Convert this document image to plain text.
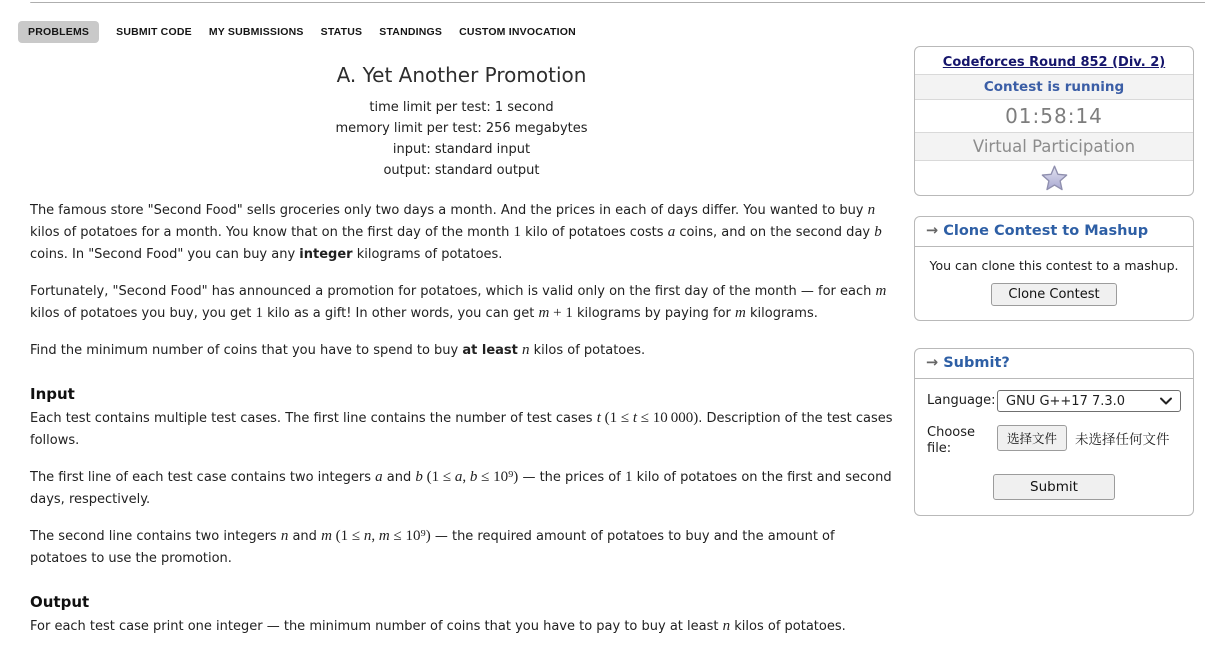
PROBLEMS	SUBMIT CODE MY SUBMISSIONS STATUS STANDINGS CUSTOM INVOCATION
A. Yet Another Promotion
time limit per test: 1 second
memory limit per test: 256 megabytes
input: standard input
output: standard output

The famous store "Second Food" sells groceries only two days a month. And the prices in each of days differ. You wanted to buy n kilos of potatoes for a month. You know that on the first day of the month 1 kilo of potatoes costs a coins, and on the second day b coins. In "Second Food" you can buy any integer kilograms of potatoes.

Fortunately, "Second Food" has announced a promotion for potatoes, which is valid only on the first day of the month — for each m kilos of potatoes you buy, you get 1 kilo as a gift! In other words, you can get m + 1 kilograms by paying for m kilograms.

Find the minimum number of coins that you have to spend to buy at least n kilos of potatoes.

Input

Each test contains multiple test cases. The first line contains the number of test cases t (1 ≤ t ≤ 10 000). Description of the test cases follows.

The first line of each test case contains two integers a and b (1 ≤ a, b ≤ 10⁹) — the prices of 1 kilo of potatoes on the first and second days, respectively.

The second line contains two integers n and m (1 ≤ n, m ≤ 10⁹) — the required amount of potatoes to buy and the amount of potatoes to use the promotion.

Output

For each test case print one integer — the minimum number of coins that you have to pay to buy at least n kilos of potatoes.

Codeforces Round 852 (Div. 2)
Contest is running
01:58:14
Virtual Participation
→ Clone Contest to Mashup
You can clone this contest to a mashup.
Clone Contest
→ Submit?
Language: GNU G++17 7.3.0
Choose file:
选择文件	未选择任何文件
Submit
